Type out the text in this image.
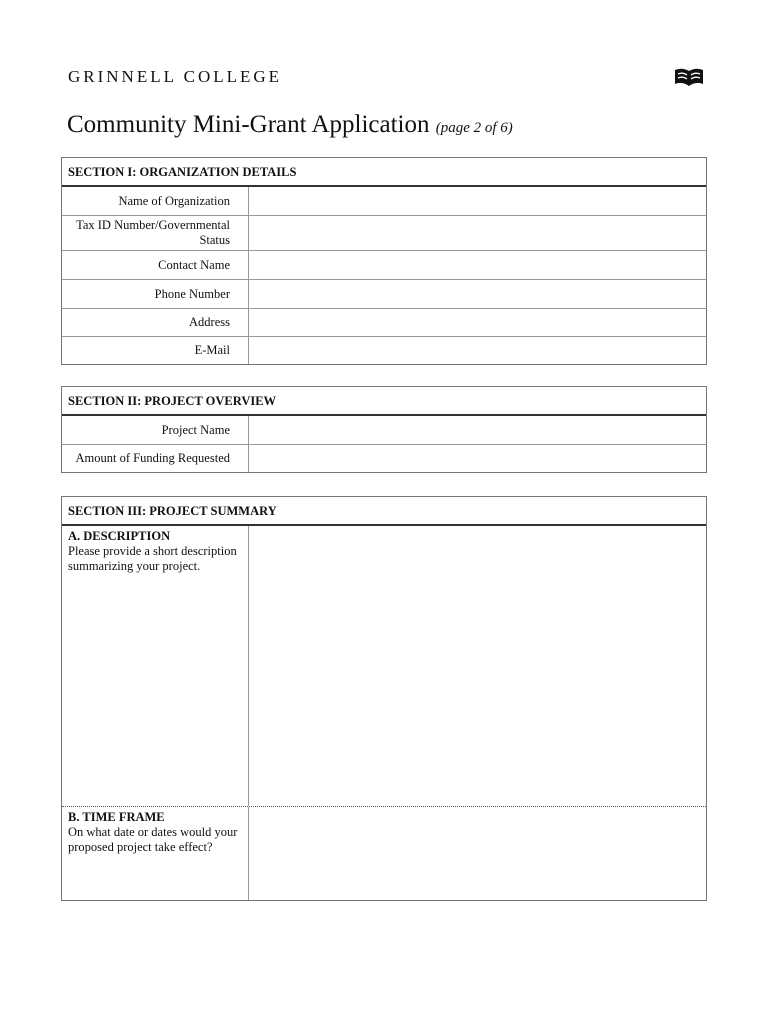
GRINNELL COLLEGE
Community Mini-Grant Application (page 2 of 6)
SECTION I: ORGANIZATION DETAILS
Name of Organization
Tax ID Number/Governmental Status
Contact Name
Phone Number
Address
E-Mail
SECTION II: PROJECT OVERVIEW
Project Name
Amount of Funding Requested
SECTION III: PROJECT SUMMARY
A. DESCRIPTION
Please provide a short description summarizing your project.
B. TIME FRAME
On what date or dates would your proposed project take effect?
